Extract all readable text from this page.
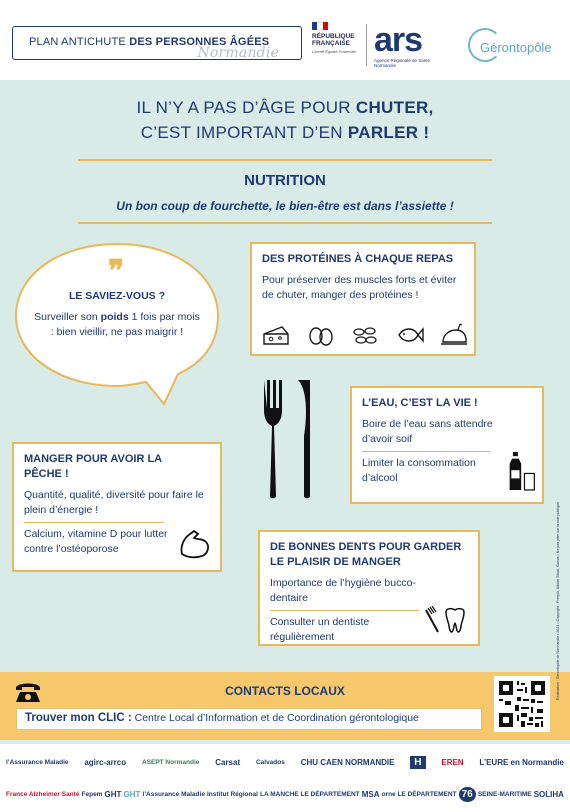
PLAN ANTICHUTE DES PERSONNES ÂGÉES
Normandie
RÉPUBLIQUE
FRANÇAISE
Liberté Égalité Fraternité ars
Agence Régionale de Santé
Normandie
Gérontopôle
IL N’Y A PAS D’ÂGE POUR CHUTER,
C’EST IMPORTANT D’EN PARLER !
NUTRITION
Un bon coup de fourchette, le bien-être est dans l’assiette !
❞
LE SAVIEZ-VOUS ?
Surveiller son poids 1 fois par mois : bien vieillir, ne pas maigrir !
DES PROTÉINES À CHAQUE REPAS

Pour préserver des muscles forts et éviter de chuter, manger des protéines !

L’EAU, C’EST LA VIE !

Boire de l’eau sans attendre d’avoir soif

Limiter la consommation d’alcool

MANGER POUR AVOIR LA PÊCHE !

Quantité, qualité, diversité pour faire le plein d’énergie !

Calcium, vitamine D pour lutter contre l’ostéoporose	DE BONNES DENTS POUR GARDER LE PLAISIR DE MANGER

Importance de l’hygiène bucco-dentaire

Consulter un dentiste régulièrement

CONTACTS LOCAUX
Trouver mon CLIC : Centre Local d’Information et de Coordination gérontologique
Réalisation : Gérontopôle de Normandie • 2023 • Copyright : Freepik, Adobe Stock, Canva • Ne pas jeter sur la voie publique
l’Assurance Maladie agirc-arrco ASEPT Normandie Carsat Calvados CHU CAEN NORMANDIE	H	EREN L’EURE en Normandie
France Alzheimer Santé Fepem GHT GHT l’Assurance Maladie Institut Régional LA MANCHE LE DÉPARTEMENT MSA orne LE DÉPARTEMENT 76 SEINE-MARITIME SOLIHA
